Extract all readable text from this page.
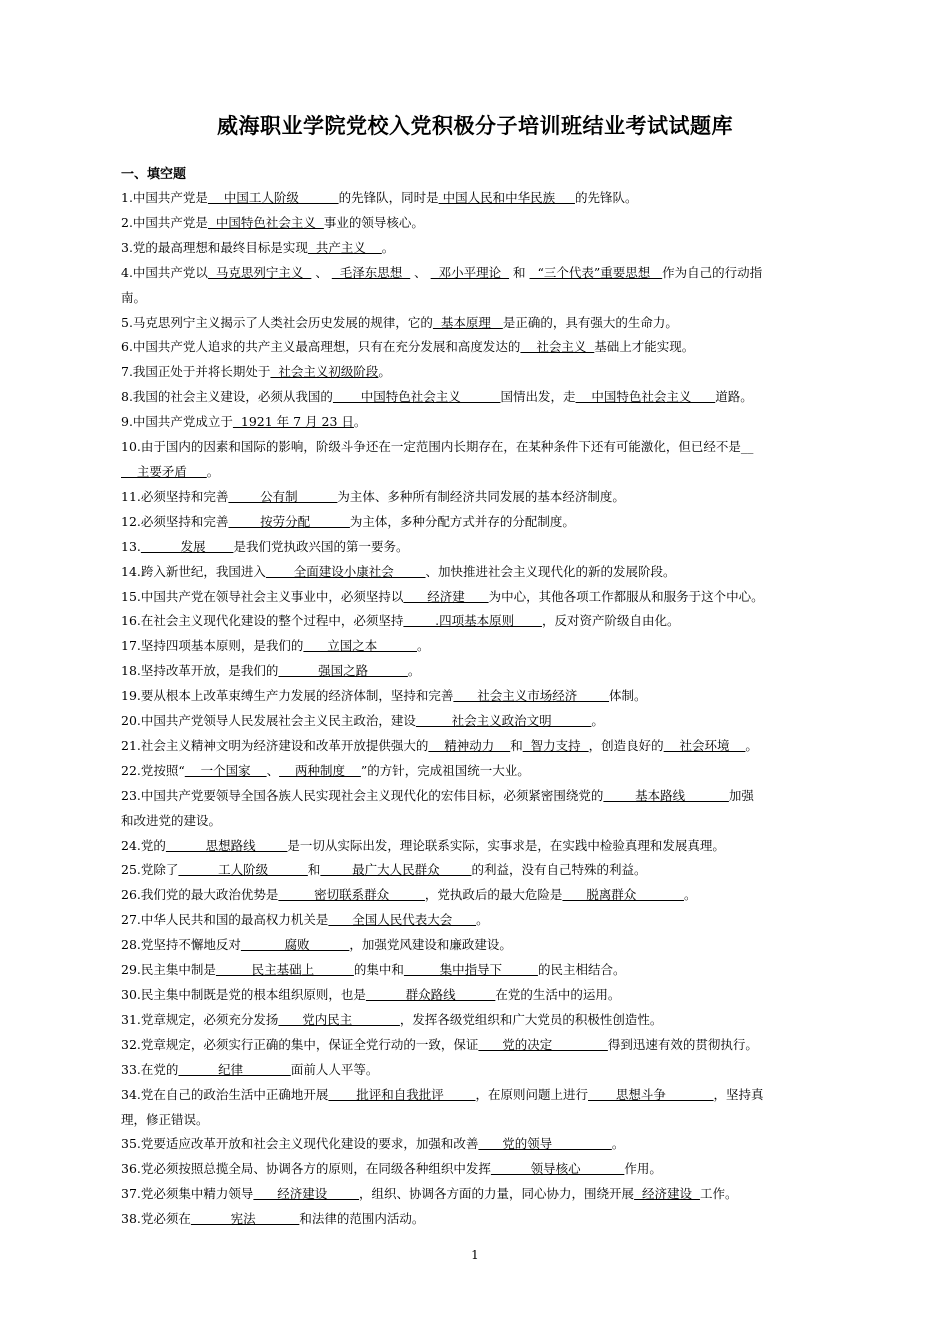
威海职业学院党校入党积极分子培训班结业考试试题库
一、填空题
1.中国共产党是    中国工人阶级          的先锋队，同时是 中国人民和中华民族     的先锋队。
2.中国共产党是  中国特色社会主义  事业的领导核心。
3.党的最高理想和最终目标是实现  共产主义    。
4.中国共产党以  马克思列宁主义   、   毛泽东思想   、   邓小平理论   和   “三个代表”重要思想   作为自己的行动指
南。
5.马克思列宁主义揭示了人类社会历史发展的规律，它的  基本原理   是正确的，具有强大的生命力。
6.中国共产党人追求的共产主义最高理想，只有在充分发展和高度发达的    社会主义  基础上才能实现。
7.我国正处于并将长期处于  社会主义初级阶段。
8.我国的社会主义建设，必须从我国的       中国特色社会主义          国情出发，走    中国特色社会主义      道路。
9.中国共产党成立于  1921 年 7 月 23 日。
10.由于国内的因素和国际的影响，阶级斗争还在一定范围内长期存在，在某种条件下还有可能激化，但已经不是__
主要矛盾     。
11.必须坚持和完善        公有制          为主体、多种所有制经济共同发展的基本经济制度。
12.必须坚持和完善        按劳分配          为主体，多种分配方式并存的分配制度。
13.          发展       是我们党执政兴国的第一要务。
14.跨入新世纪，我国进入       全面建设小康社会        、加快推进社会主义现代化的新的发展阶段。
15.中国共产党在领导社会主义事业中，必须坚持以      经济建      为中心，其他各项工作都服从和服务于这个中心。
16.在社会主义现代化建设的整个过程中，必须坚持        .四项基本原则       ，反对资产阶级自由化。
17.坚持四项基本原则，是我们的      立国之本          。
18.坚持改革开放，是我们的          强国之路          。
19.要从根本上改革束缚生产力发展的经济体制，坚持和完善      社会主义市场经济        体制。
20.中国共产党领导人民发展社会主义民主政治，建设         社会主义政治文明          。
21.社会主义精神文明为经济建设和改革开放提供强大的    精神动力    和  智力支持  ，创造良好的    社会环境    。
22.党按照“    一个国家    、    两种制度    ”的方针，完成祖国统一大业。
23.中国共产党要领导全国各族人民实现社会主义现代化的宏伟目标，必须紧密围绕党的        基本路线           加强
和改进党的建设。
24.党的          思想路线        是一切从实际出发，理论联系实际，实事求是，在实践中检验真理和发展真理。
25.党除了          工人阶级          和        最广大人民群众        的利益，没有自己特殊的利益。
26.我们党的最大政治优势是         密切联系群众         ，党执政后的最大危险是      脱离群众            。
27.中华人民共和国的最高权力机关是      全国人民代表大会      。
28.党坚持不懈地反对           腐败          ，加强党风建设和廉政建设。
29.民主集中制是         民主基础上          的集中和         集中指导下         的民主相结合。
30.民主集中制既是党的根本组织原则，也是          群众路线          在党的生活中的运用。
31.党章规定，必须充分发扬      党内民主            ，发挥各级党组织和广大党员的积极性创造性。
32.党章规定，必须实行正确的集中，保证全党行动的一致，保证      党的决定              得到迅速有效的贯彻执行。
33.在党的          纪律            面前人人平等。
34.党在自己的政治生活中正确地开展       批评和自我批评        ，在原则问题上进行       思想斗争            ，坚持真
理，修正错误。
35.党要适应改革开放和社会主义现代化建设的要求，加强和改善      党的领导               。
36.党必须按照总揽全局、协调各方的原则，在同级各种组织中发挥          领导核心           作用。
37.党必须集中精力领导      经济建设        ，组织、协调各方面的力量，同心协力，围绕开展  经济建设  工作。
38.党必须在          宪法           和法律的范围内活动。
1
